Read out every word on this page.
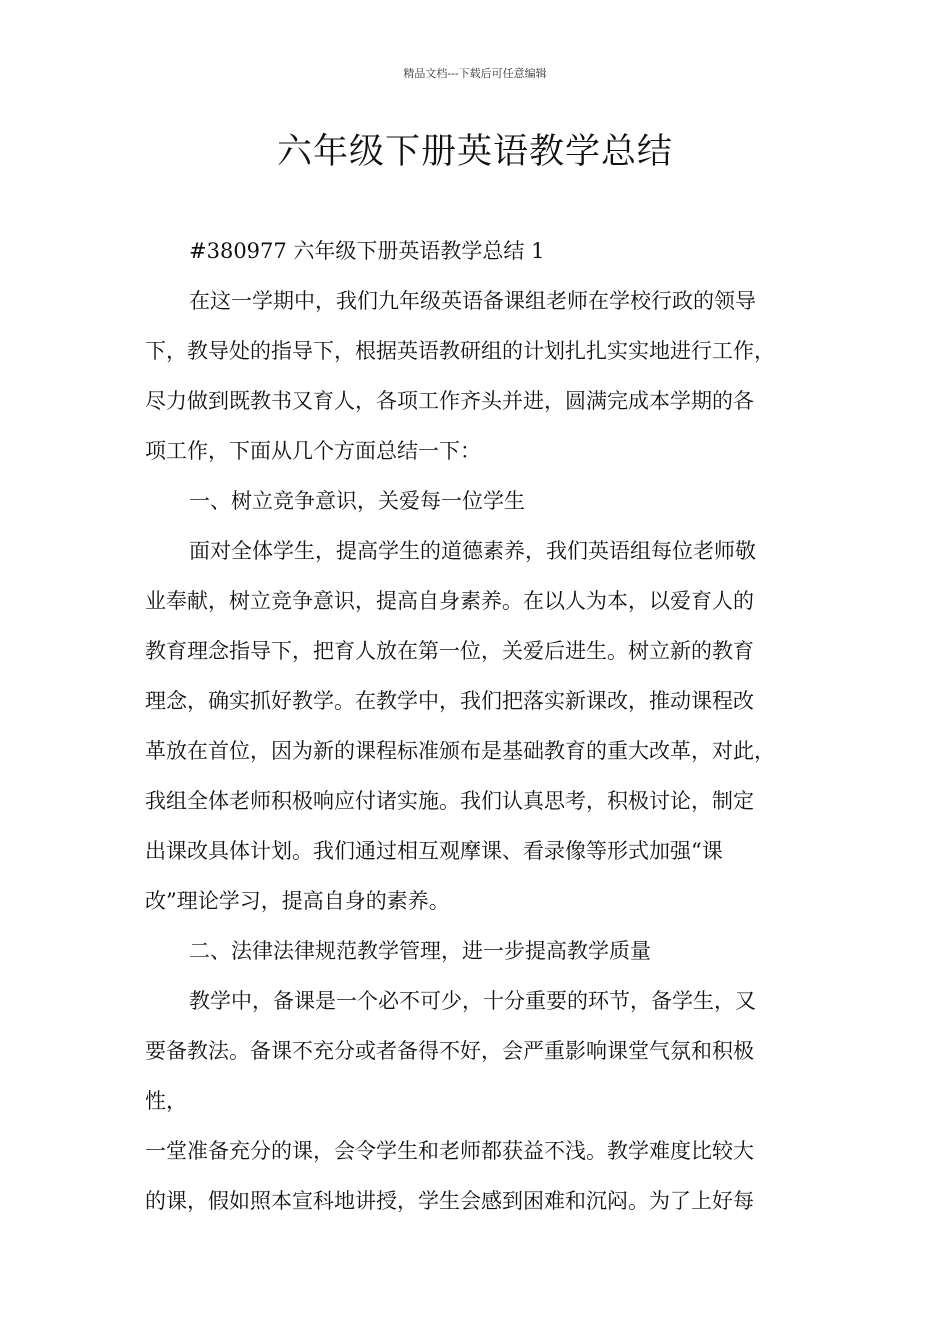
精品文档---下载后可任意编辑
六年级下册英语教学总结
#380977 六年级下册英语教学总结 1
在这一学期中，我们九年级英语备课组老师在学校行政的领导
下，教导处的指导下，根据英语教研组的计划扎扎实实地进行工作，
尽力做到既教书又育人，各项工作齐头并进，圆满完成本学期的各
项工作，下面从几个方面总结一下：
一、树立竞争意识，关爱每一位学生
面对全体学生，提高学生的道德素养，我们英语组每位老师敬
业奉献，树立竞争意识，提高自身素养。在以人为本，以爱育人的
教育理念指导下，把育人放在第一位，关爱后进生。树立新的教育
理念，确实抓好教学。在教学中，我们把落实新课改，推动课程改
革放在首位，因为新的课程标准颁布是基础教育的重大改革，对此，
我组全体老师积极响应付诸实施。我们认真思考，积极讨论，制定
出课改具体计划。我们通过相互观摩课、看录像等形式加强“课
改”理论学习，提高自身的素养。
二、法律法律规范教学管理，进一步提高教学质量
教学中，备课是一个必不可少，十分重要的环节，备学生，又
要备教法。备课不充分或者备得不好，会严重影响课堂气氛和积极
性，
一堂准备充分的课，会令学生和老师都获益不浅。教学难度比较大
的课，假如照本宣科地讲授，学生会感到困难和沉闷。为了上好每
